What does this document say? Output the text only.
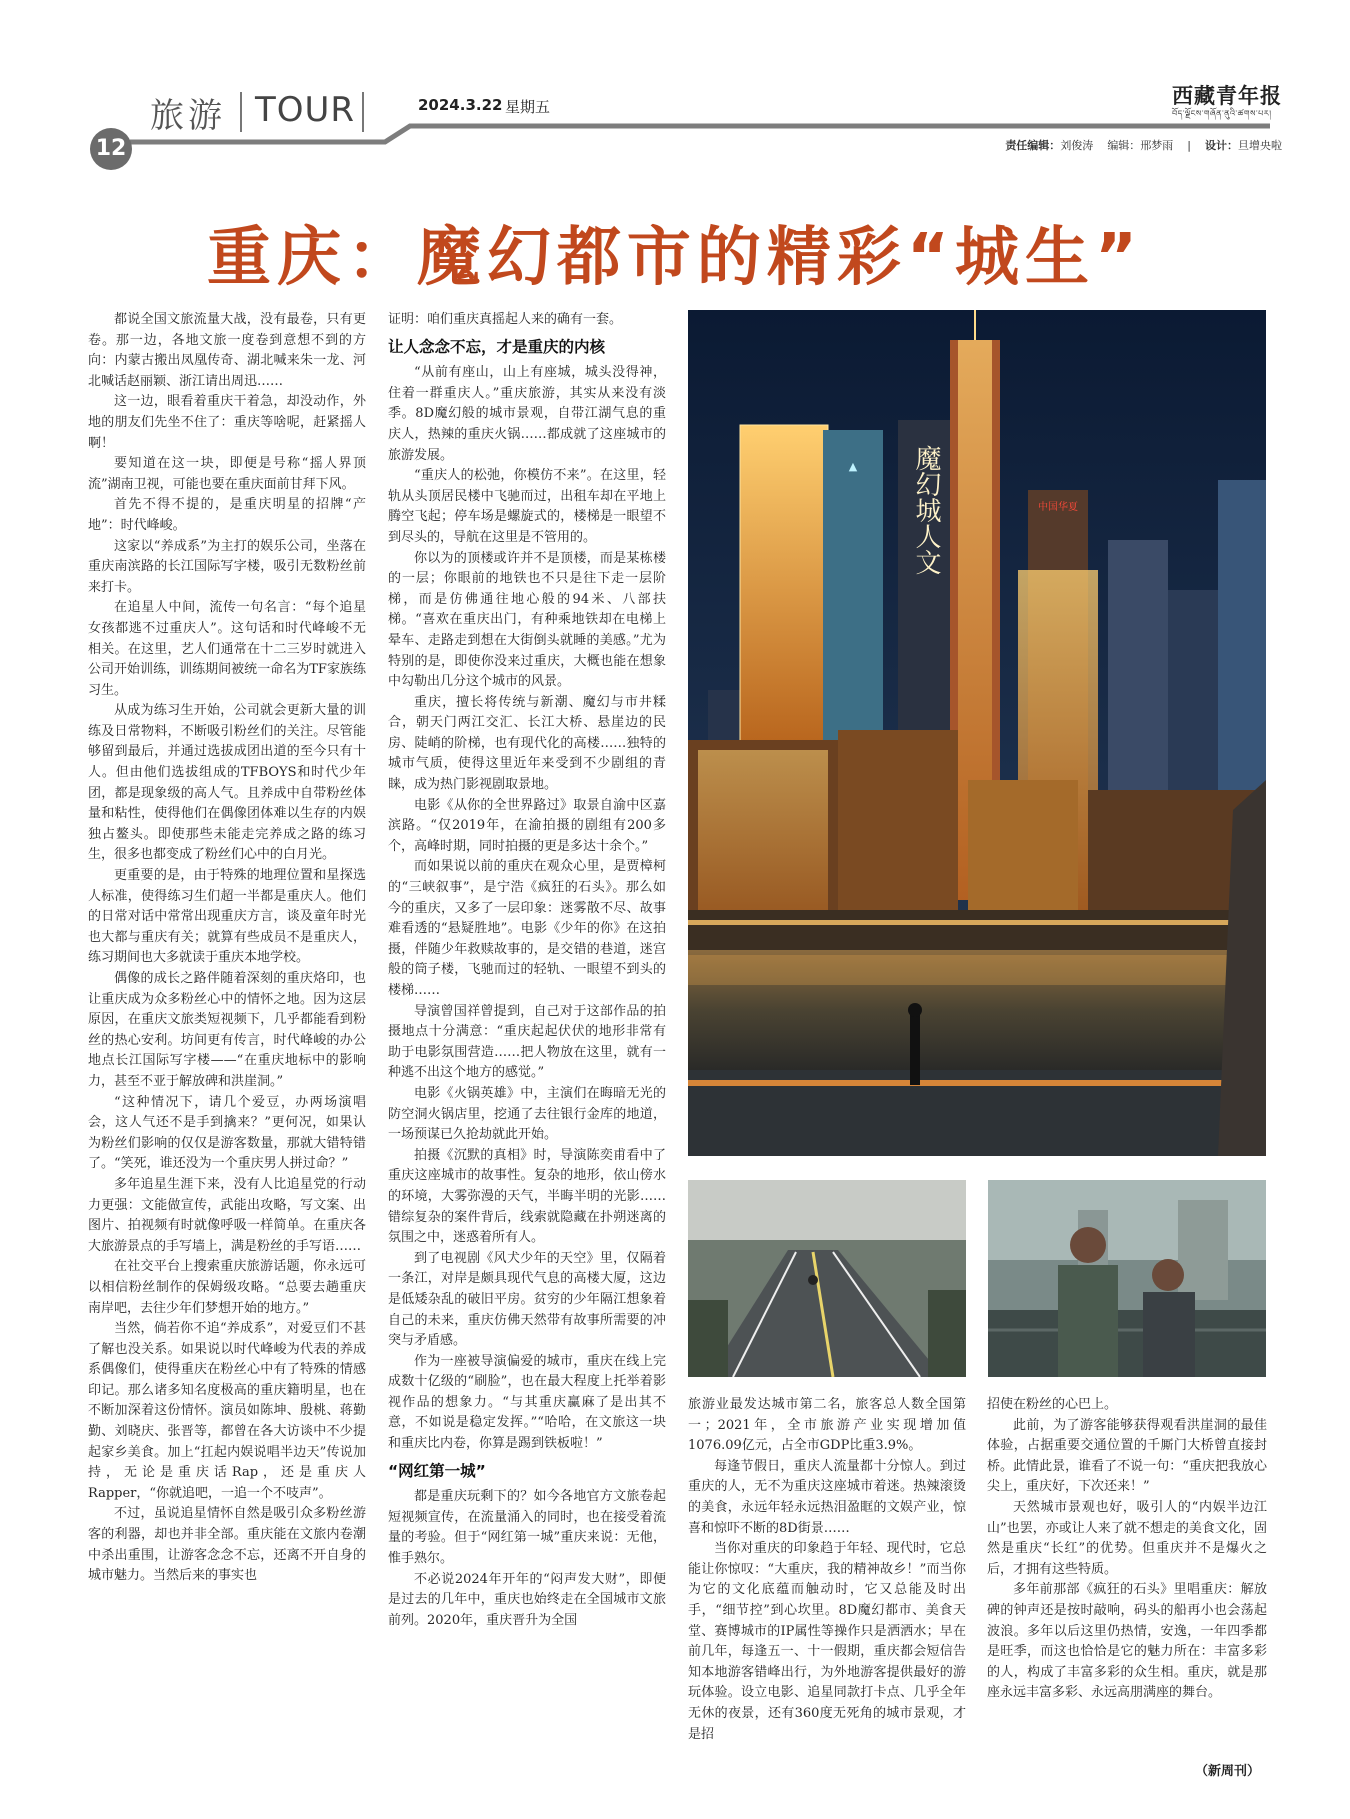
旅游 TOUR	2024.3.22 星期五	西藏青年报
བོད་ལྗོངས་གཞོན་ནུའི་ཚགས་པར།
12	责任编辑：刘俊涛 编辑：邢梦雨    |    设计：旦增央啦
重庆：魔幻都市的精彩“城生”

都说全国文旅流量大战，没有最卷，只有更卷。那一边，各地文旅一度卷到意想不到的方向：内蒙古搬出凤凰传奇、湖北喊来朱一龙、河北喊话赵丽颖、浙江请出周迅……

这一边，眼看着重庆干着急，却没动作，外地的朋友们先坐不住了：重庆等啥呢，赶紧摇人啊！

要知道在这一块，即便是号称“摇人界顶流”湖南卫视，可能也要在重庆面前甘拜下风。

首先不得不提的，是重庆明星的招牌“产地”：时代峰峻。

这家以“养成系”为主打的娱乐公司，坐落在重庆南滨路的长江国际写字楼，吸引无数粉丝前来打卡。

在追星人中间，流传一句名言：“每个追星女孩都逃不过重庆人”。这句话和时代峰峻不无相关。在这里，艺人们通常在十二三岁时就进入公司开始训练，训练期间被统一命名为TF家族练习生。

从成为练习生开始，公司就会更新大量的训练及日常物料，不断吸引粉丝们的关注。尽管能够留到最后，并通过选拔成团出道的至今只有十人。但由他们选拔组成的TFBOYS和时代少年团，都是现象级的高人气。且养成中自带粉丝体量和粘性，使得他们在偶像团体难以生存的内娱独占鳌头。即使那些未能走完养成之路的练习生，很多也都变成了粉丝们心中的白月光。

更重要的是，由于特殊的地理位置和星探选人标准，使得练习生们超一半都是重庆人。他们的日常对话中常常出现重庆方言，谈及童年时光也大都与重庆有关；就算有些成员不是重庆人，练习期间也大多就读于重庆本地学校。

偶像的成长之路伴随着深刻的重庆烙印，也让重庆成为众多粉丝心中的情怀之地。因为这层原因，在重庆文旅类短视频下，几乎都能看到粉丝的热心安利。坊间更有传言，时代峰峻的办公地点长江国际写字楼——“在重庆地标中的影响力，甚至不亚于解放碑和洪崖洞。”

“这种情况下，请几个爱豆，办两场演唱会，这人气还不是手到擒来？”更何况，如果认为粉丝们影响的仅仅是游客数量，那就大错特错了。“笑死，谁还没为一个重庆男人拼过命？”

多年追星生涯下来，没有人比追星党的行动力更强：文能做宣传，武能出攻略，写文案、出图片、拍视频有时就像呼吸一样简单。在重庆各大旅游景点的手写墙上，满是粉丝的手写语……

在社交平台上搜索重庆旅游话题，你永远可以相信粉丝制作的保姆级攻略。“总要去趟重庆南岸吧，去往少年们梦想开始的地方。”

当然，倘若你不追“养成系”，对爱豆们不甚了解也没关系。如果说以时代峰峻为代表的养成系偶像们，使得重庆在粉丝心中有了特殊的情感印记。那么诸多知名度极高的重庆籍明星，也在不断加深着这份情怀。演员如陈坤、殷桃、蒋勤勤、刘晓庆、张晋等，都曾在各大访谈中不少提起家乡美食。加上“扛起内娱说唱半边天”传说加持，无论是重庆话Rap，还是重庆人Rapper，“你就追吧，一追一个不吱声”。

不过，虽说追星情怀自然是吸引众多粉丝游客的利器，却也并非全部。重庆能在文旅内卷潮中杀出重围，让游客念念不忘，还离不开自身的城市魅力。当然后来的事实也

证明：咱们重庆真摇起人来的确有一套。

让人念念不忘，才是重庆的内核

“从前有座山，山上有座城，城头没得神，住着一群重庆人。”重庆旅游，其实从来没有淡季。8D魔幻般的城市景观，自带江湖气息的重庆人，热辣的重庆火锅……都成就了这座城市的旅游发展。

“重庆人的松弛，你模仿不来”。在这里，轻轨从头顶居民楼中飞驰而过，出租车却在平地上腾空飞起；停车场是螺旋式的，楼梯是一眼望不到尽头的，导航在这里是不管用的。

你以为的顶楼或许并不是顶楼，而是某栋楼的一层；你眼前的地铁也不只是往下走一层阶梯，而是仿佛通往地心般的94米、八部扶梯。“喜欢在重庆出门，有种乘地铁却在电梯上晕车、走路走到想在大街倒头就睡的美感。”尤为特别的是，即使你没来过重庆，大概也能在想象中勾勒出几分这个城市的风景。

重庆，擅长将传统与新潮、魔幻与市井糅合，朝天门两江交汇、长江大桥、悬崖边的民房、陡峭的阶梯，也有现代化的高楼……独特的城市气质，使得这里近年来受到不少剧组的青睐，成为热门影视剧取景地。

电影《从你的全世界路过》取景自渝中区嘉滨路。“仅2019年，在渝拍摄的剧组有200多个，高峰时期，同时拍摄的更是多达十余个。”

而如果说以前的重庆在观众心里，是贾樟柯的“三峡叙事”，是宁浩《疯狂的石头》。那么如今的重庆，又多了一层印象：迷雾散不尽、故事难看透的“悬疑胜地”。电影《少年的你》在这拍摄，伴随少年救赎故事的，是交错的巷道，迷宫般的筒子楼，飞驰而过的轻轨、一眼望不到头的楼梯……

导演曾国祥曾提到，自己对于这部作品的拍摄地点十分满意：“重庆起起伏伏的地形非常有助于电影氛围营造……把人物放在这里，就有一种逃不出这个地方的感觉。”

电影《火锅英雄》中，主演们在晦暗无光的防空洞火锅店里，挖通了去往银行金库的地道，一场预谋已久抢劫就此开始。

拍摄《沉默的真相》时，导演陈奕甫看中了重庆这座城市的故事性。复杂的地形，依山傍水的环境，大雾弥漫的天气，半晦半明的光影……错综复杂的案件背后，线索就隐藏在扑朔迷离的氛围之中，迷惑着所有人。

到了电视剧《风犬少年的天空》里，仅隔着一条江，对岸是颇具现代气息的高楼大厦，这边是低矮杂乱的破旧平房。贫穷的少年隔江想象着自己的未来，重庆仿佛天然带有故事所需要的冲突与矛盾感。

作为一座被导演偏爱的城市，重庆在线上完成数十亿级的“刷脸”，也在最大程度上托举着影视作品的想象力。“与其重庆赢麻了是出其不意，不如说是稳定发挥。”“哈哈，在文旅这一块和重庆比内卷，你算是踢到铁板啦！”

“网红第一城”

都是重庆玩剩下的？如今各地官方文旅卷起短视频宣传，在流量涌入的同时，也在接受着流量的考验。但于“网红第一城”重庆来说：无他，惟手熟尔。

不必说2024年开年的“闷声发大财”，即便是过去的几年中，重庆也始终走在全国城市文旅前列。2020年，重庆晋升为全国

▲ 魔幻城人文	中国华夏

旅游业最发达城市第二名，旅客总人数全国第一；2021年，全市旅游产业实现增加值1076.09亿元，占全市GDP比重3.9%。

每逢节假日，重庆人流量都十分惊人。到过重庆的人，无不为重庆这座城市着迷。热辣滚烫的美食，永远年轻永远热泪盈眶的文娱产业，惊喜和惊吓不断的8D街景……

当你对重庆的印象趋于年轻、现代时，它总能让你惊叹：“大重庆，我的精神故乡！”而当你为它的文化底蕴而触动时，它又总能及时出手，“细节控”到心坎里。8D魔幻都市、美食天堂、赛博城市的IP属性等操作只是洒洒水；早在前几年，每逢五一、十一假期，重庆都会短信告知本地游客错峰出行，为外地游客提供最好的游玩体验。设立电影、追星同款打卡点、几乎全年无休的夜景，还有360度无死角的城市景观，才是招

招使在粉丝的心巴上。

此前，为了游客能够获得观看洪崖洞的最佳体验，占据重要交通位置的千厮门大桥曾直接封桥。此情此景，谁看了不说一句：“重庆把我放心尖上，重庆好，下次还来！”

天然城市景观也好，吸引人的“内娱半边江山”也罢，亦或让人来了就不想走的美食文化，固然是重庆“长红”的优势。但重庆并不是爆火之后，才拥有这些特质。

多年前那部《疯狂的石头》里唱重庆：解放碑的钟声还是按时敲响，码头的船再小也会荡起波浪。多年以后这里仍热情，安逸，一年四季都是旺季，而这也恰恰是它的魅力所在：丰富多彩的人，构成了丰富多彩的众生相。重庆，就是那座永远丰富多彩、永远高朋满座的舞台。

（新周刊）
